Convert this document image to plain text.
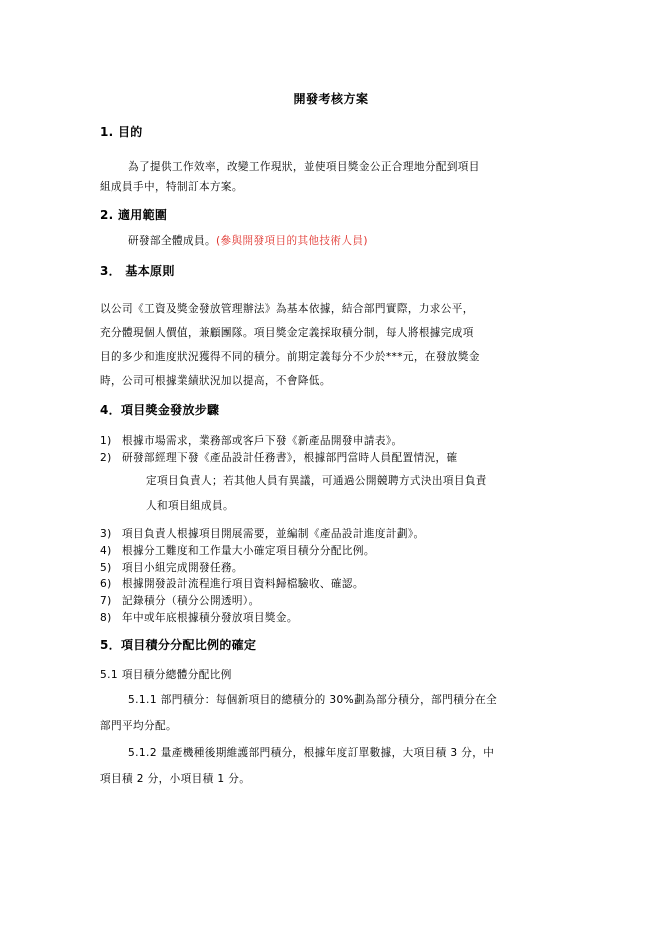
開發考核方案
1. 目的
為了提供工作效率，改變工作現狀，並使項目獎金公正合理地分配到項目
組成員手中，特制訂本方案。
2. 適用範圍
研發部全體成員。(參與開發項目的其他技術人員)
3． 基本原則
以公司《工資及獎金發放管理辦法》為基本依據，結合部門實際，力求公平，
充分體現個人價值，兼顧團隊。項目獎金定義採取積分制，每人將根據完成項
目的多少和進度狀況獲得不同的積分。前期定義每分不少於***元，在發放獎金
時，公司可根據業績狀況加以提高，不會降低。
4．項目獎金發放步驟
1) 根據市場需求，業務部或客戶下發《新產品開發申請表》。
2) 研發部經理下發《產品設計任務書》，根據部門當時人員配置情況，確
定項目負責人；若其他人員有異議，可通過公開競聘方式決出項目負責
人和項目組成員。
3) 項目負責人根據項目開展需要，並編制《產品設計進度計劃》。
4) 根據分工難度和工作量大小確定項目積分分配比例。
5) 項目小組完成開發任務。
6) 根據開發設計流程進行項目資料歸檔驗收、確認。
7) 記錄積分（積分公開透明）。
8) 年中或年底根據積分發放項目獎金。
5．項目積分分配比例的確定
5.1 項目積分總體分配比例
5.1.1 部門積分：每個新項目的總積分的 30%劃為部分積分，部門積分在全
部門平均分配。
5.1.2 量產機種後期維護部門積分，根據年度訂單數據，大項目積 3 分，中
項目積 2 分，小項目積 1 分。
